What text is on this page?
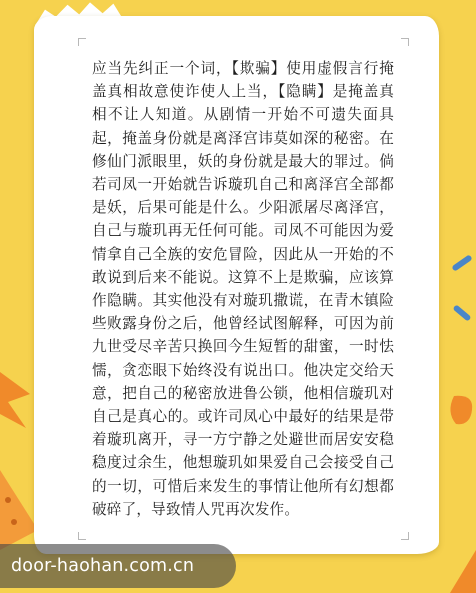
应当先纠正一个词，【欺骗】使用虚假言行掩盖真相故意使诈使人上当，【隐瞒】是掩盖真相不让人知道。从剧情一开始不可遗失面具起，掩盖身份就是离泽宫讳莫如深的秘密。在修仙门派眼里，妖的身份就是最大的罪过。倘若司凤一开始就告诉璇玑自己和离泽宫全部都是妖，后果可能是什么。少阳派屠尽离泽宫，自己与璇玑再无任何可能。司凤不可能因为爱情拿自己全族的安危冒险，因此从一开始的不敢说到后来不能说。这算不上是欺骗，应该算作隐瞒。其实他没有对璇玑撒谎，在青木镇险些败露身份之后，他曾经试图解释，可因为前九世受尽辛苦只换回今生短暂的甜蜜，一时怯懦，贪恋眼下始终没有说出口。他决定交给天意，把自己的秘密放进鲁公锁，他相信璇玑对自己是真心的。或许司凤心中最好的结果是带着璇玑离开，寻一方宁静之处避世而居安安稳稳度过余生，他想璇玑如果爱自己会接受自己的一切，可惜后来发生的事情让他所有幻想都破碎了，导致情人咒再次发作。

door-haohan.com.cn
